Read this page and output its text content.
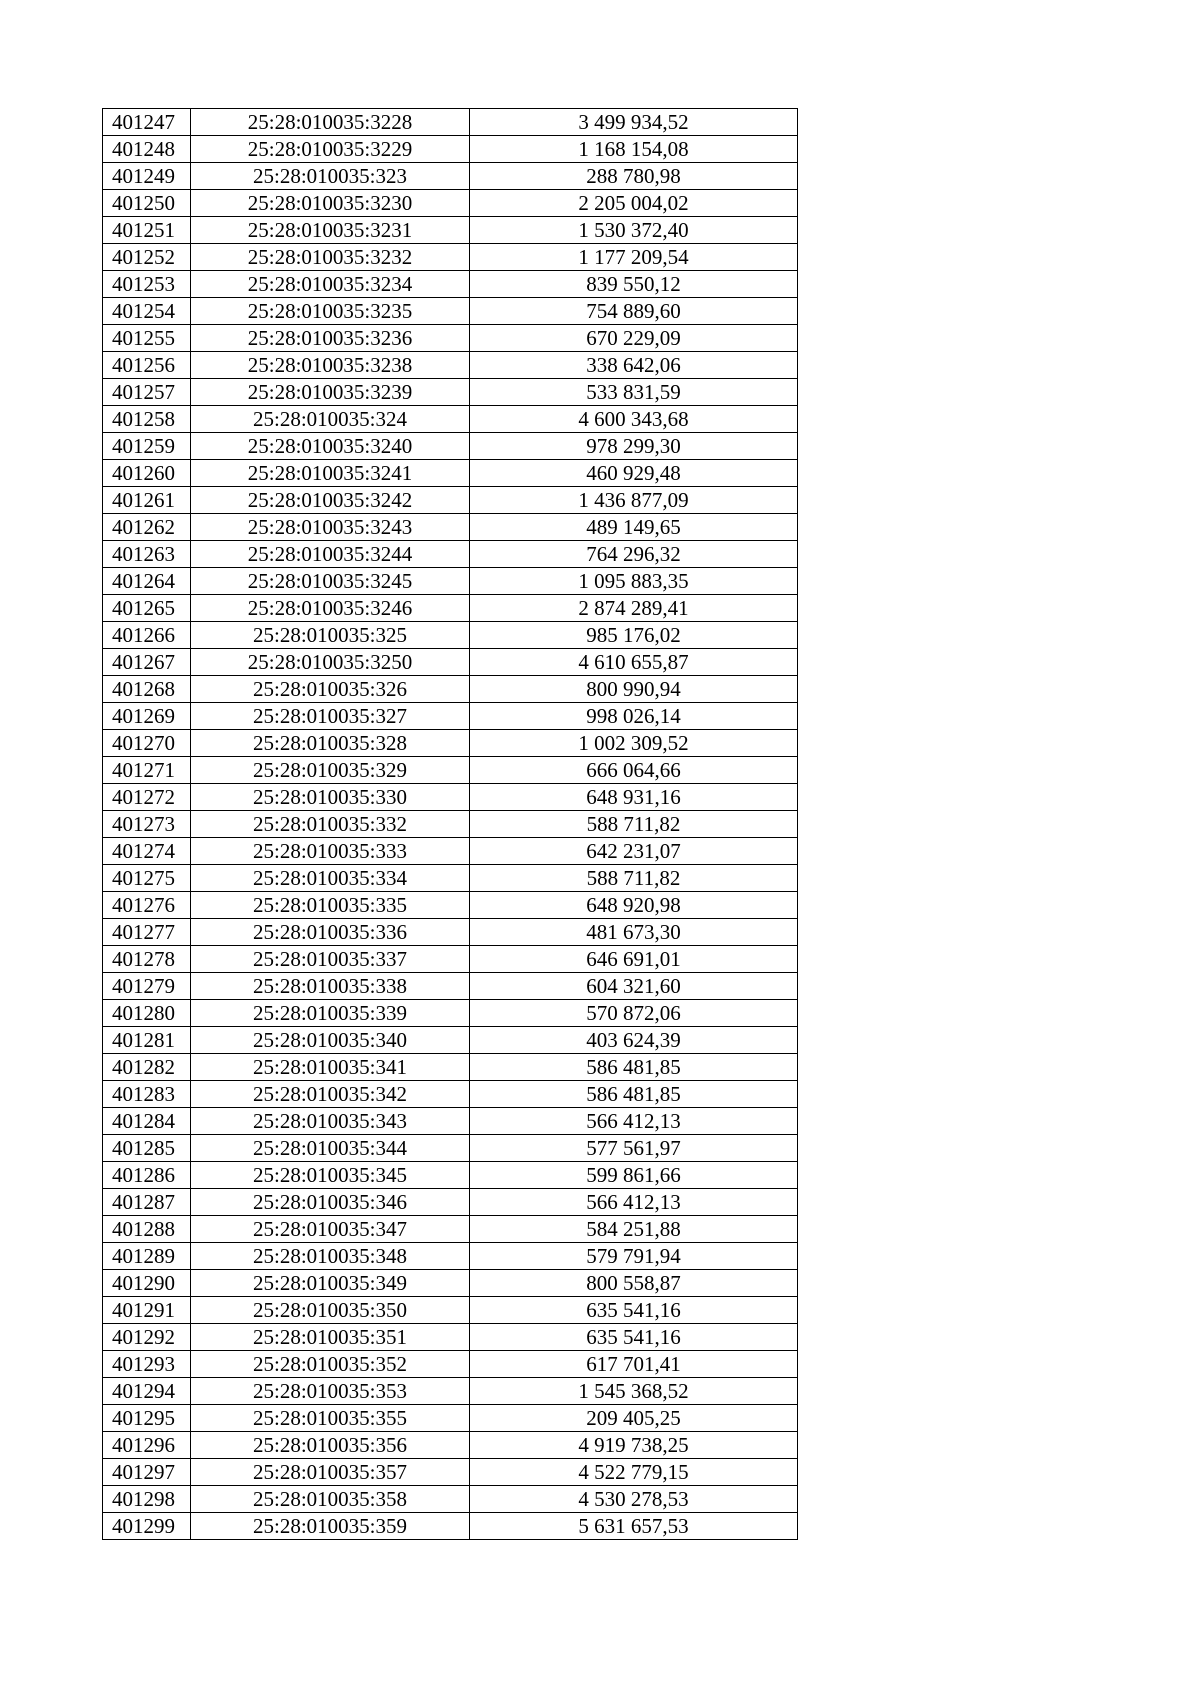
401247	25:28:010035:3228	3 499 934,52
401248	25:28:010035:3229	1 168 154,08
401249	25:28:010035:323	288 780,98
401250	25:28:010035:3230	2 205 004,02
401251	25:28:010035:3231	1 530 372,40
401252	25:28:010035:3232	1 177 209,54
401253	25:28:010035:3234	839 550,12
401254	25:28:010035:3235	754 889,60
401255	25:28:010035:3236	670 229,09
401256	25:28:010035:3238	338 642,06
401257	25:28:010035:3239	533 831,59
401258	25:28:010035:324	4 600 343,68
401259	25:28:010035:3240	978 299,30
401260	25:28:010035:3241	460 929,48
401261	25:28:010035:3242	1 436 877,09
401262	25:28:010035:3243	489 149,65
401263	25:28:010035:3244	764 296,32
401264	25:28:010035:3245	1 095 883,35
401265	25:28:010035:3246	2 874 289,41
401266	25:28:010035:325	985 176,02
401267	25:28:010035:3250	4 610 655,87
401268	25:28:010035:326	800 990,94
401269	25:28:010035:327	998 026,14
401270	25:28:010035:328	1 002 309,52
401271	25:28:010035:329	666 064,66
401272	25:28:010035:330	648 931,16
401273	25:28:010035:332	588 711,82
401274	25:28:010035:333	642 231,07
401275	25:28:010035:334	588 711,82
401276	25:28:010035:335	648 920,98
401277	25:28:010035:336	481 673,30
401278	25:28:010035:337	646 691,01
401279	25:28:010035:338	604 321,60
401280	25:28:010035:339	570 872,06
401281	25:28:010035:340	403 624,39
401282	25:28:010035:341	586 481,85
401283	25:28:010035:342	586 481,85
401284	25:28:010035:343	566 412,13
401285	25:28:010035:344	577 561,97
401286	25:28:010035:345	599 861,66
401287	25:28:010035:346	566 412,13
401288	25:28:010035:347	584 251,88
401289	25:28:010035:348	579 791,94
401290	25:28:010035:349	800 558,87
401291	25:28:010035:350	635 541,16
401292	25:28:010035:351	635 541,16
401293	25:28:010035:352	617 701,41
401294	25:28:010035:353	1 545 368,52
401295	25:28:010035:355	209 405,25
401296	25:28:010035:356	4 919 738,25
401297	25:28:010035:357	4 522 779,15
401298	25:28:010035:358	4 530 278,53
401299	25:28:010035:359	5 631 657,53
